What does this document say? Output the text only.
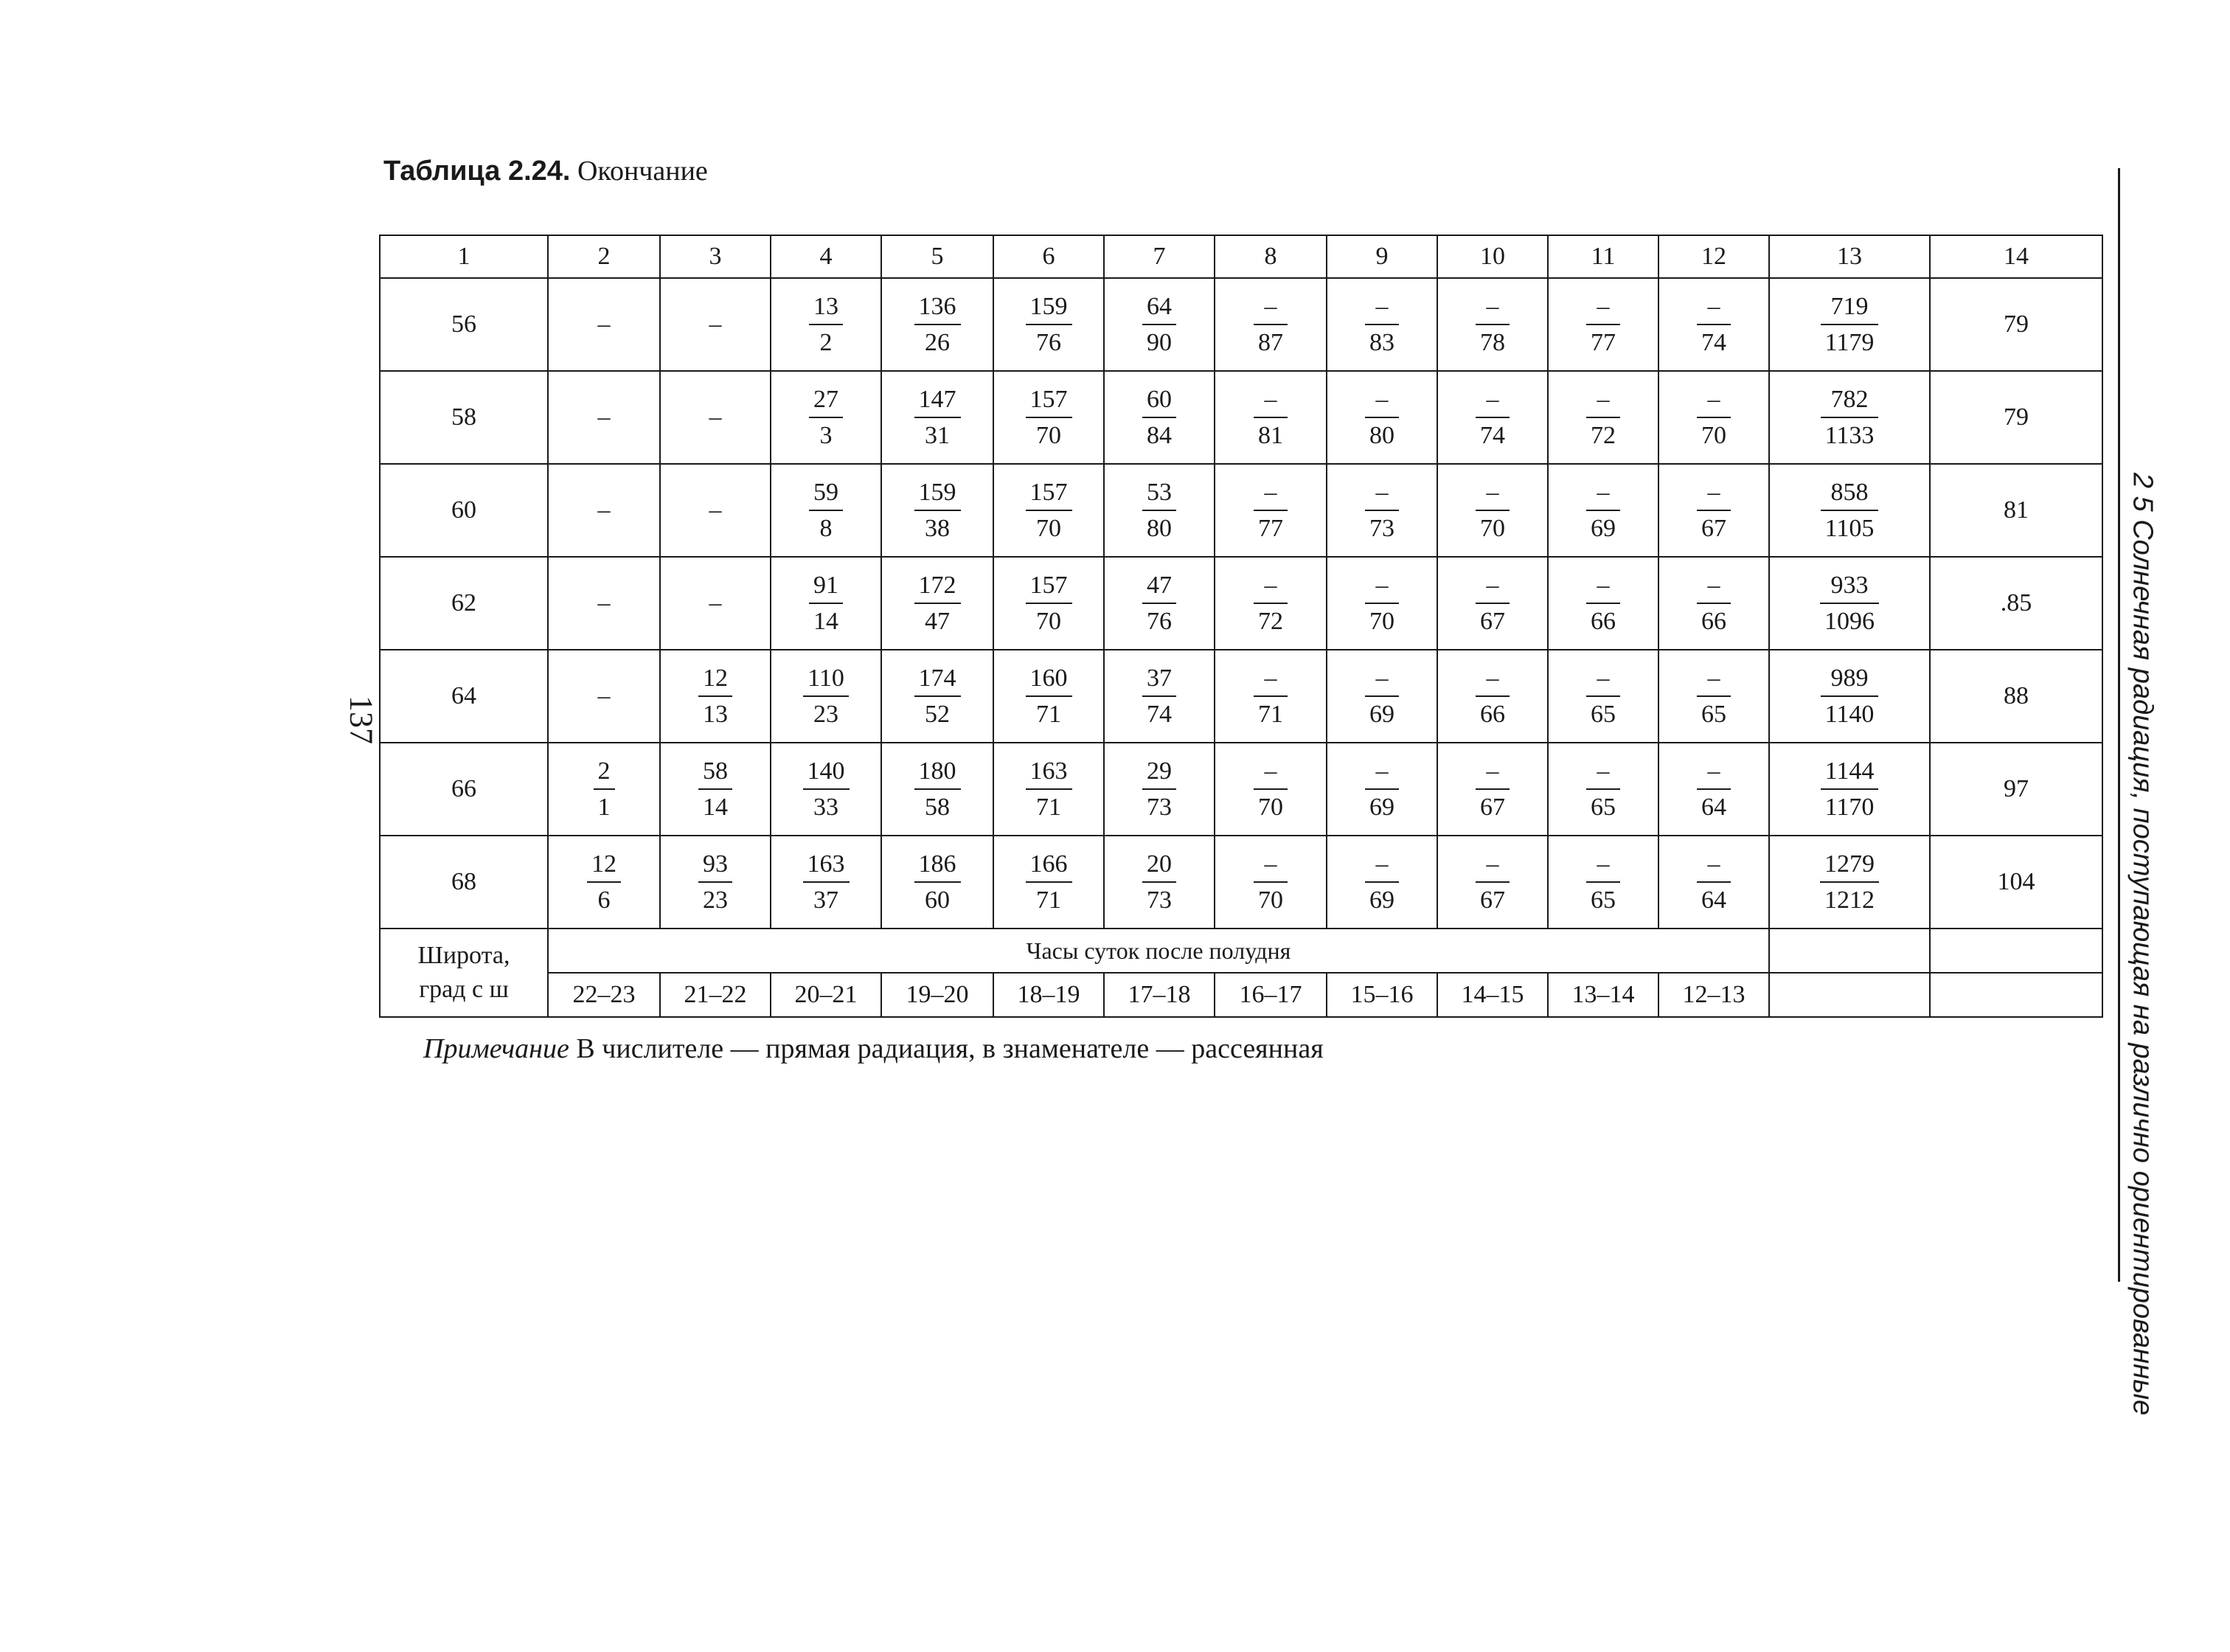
Таблица 2.24. Окончание
137	2 5 Солнечная радиация, поступающая на различно ориентированные
1	2	3	4	5	6	7	8	9	10	11	12	13	14
56	–	–	$\frac{13}{2}$	$\frac{136}{26}$	$\frac{159}{76}$	$\frac{64}{90}$	$\frac{-}{87}$	$\frac{-}{83}$	$\frac{-}{78}$	$\frac{-}{77}$	$\frac{-}{74}$	$\frac{719}{1179}$	79
58	–	–	$\frac{27}{3}$	$\frac{147}{31}$	$\frac{157}{70}$	$\frac{60}{84}$	$\frac{-}{81}$	$\frac{-}{80}$	$\frac{-}{74}$	$\frac{-}{72}$	$\frac{-}{70}$	$\frac{782}{1133}$	79
60	–	–	$\frac{59}{8}$	$\frac{159}{38}$	$\frac{157}{70}$	$\frac{53}{80}$	$\frac{-}{77}$	$\frac{-}{73}$	$\frac{-}{70}$	$\frac{-}{69}$	$\frac{-}{67}$	$\frac{858}{1105}$	81
62	–	–	$\frac{91}{14}$	$\frac{172}{47}$	$\frac{157}{70}$	$\frac{47}{76}$	$\frac{-}{72}$	$\frac{-}{70}$	$\frac{-}{67}$	$\frac{-}{66}$	$\frac{-}{66}$	$\frac{933}{1096}$	.85
64	–	$\frac{12}{13}$	$\frac{110}{23}$	$\frac{174}{52}$	$\frac{160}{71}$	$\frac{37}{74}$	$\frac{-}{71}$	$\frac{-}{69}$	$\frac{-}{66}$	$\frac{-}{65}$	$\frac{-}{65}$	$\frac{989}{1140}$	88
66	$\frac{2}{1}$	$\frac{58}{14}$	$\frac{140}{33}$	$\frac{180}{58}$	$\frac{163}{71}$	$\frac{29}{73}$	$\frac{-}{70}$	$\frac{-}{69}$	$\frac{-}{67}$	$\frac{-}{65}$	$\frac{-}{64}$	$\frac{1144}{1170}$	97
68	$\frac{12}{6}$	$\frac{93}{23}$	$\frac{163}{37}$	$\frac{186}{60}$	$\frac{166}{71}$	$\frac{20}{73}$	$\frac{-}{70}$	$\frac{-}{69}$	$\frac{-}{67}$	$\frac{-}{65}$	$\frac{-}{64}$	$\frac{1279}{1212}$	104

Широта,
град с ш	Часы суток после полудня												
	22–23	21–22	20–21	19–20	18–19	17–18	16–17	15–16	14–15	13–14	12–13		
Примечание В числителе — прямая радиация, в знаменателе — рассеянная
